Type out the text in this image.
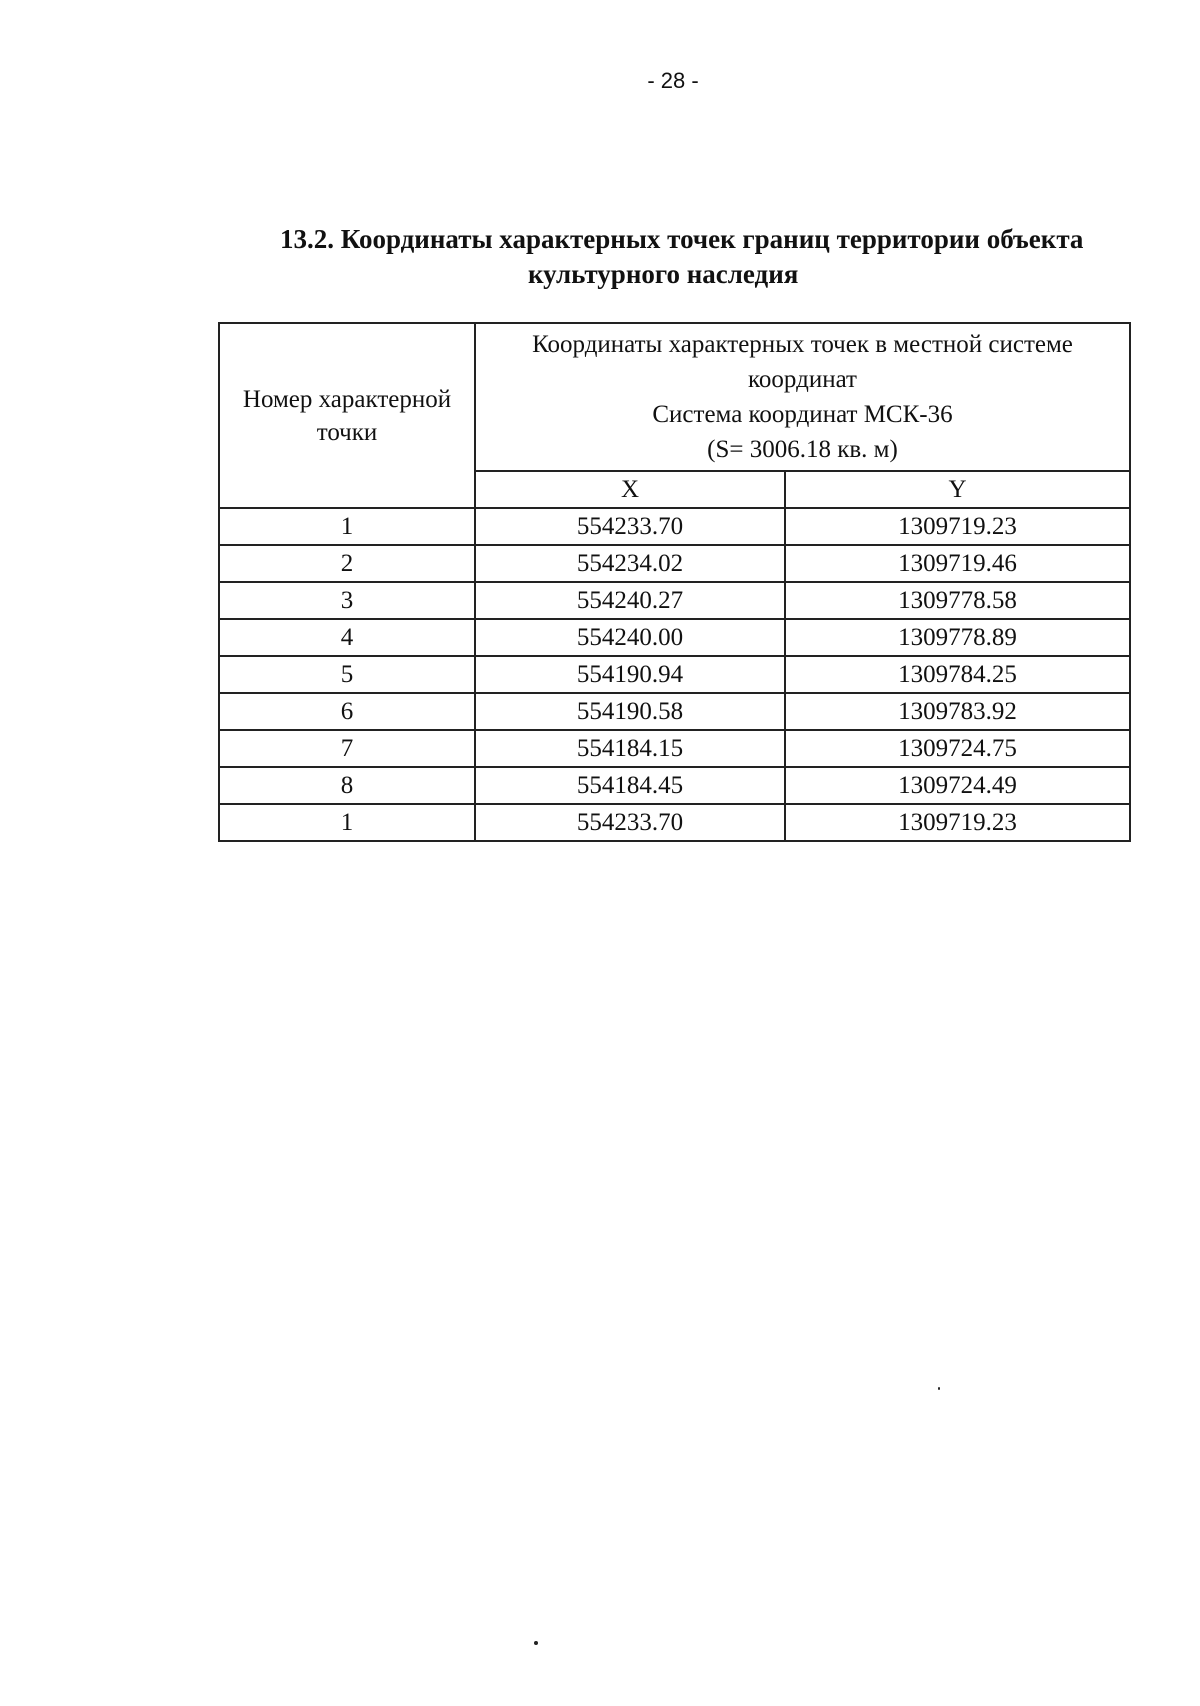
- 28 -
13.2. Координаты характерных точек границ территории объекта
культурного наследия
Номер характерной точки	Координаты характерных точек в местной системе координат
Система координат МСК-36
(S= 3006.18 кв. м)	

	X	Y
1	554233.70	1309719.23
2	554234.02	1309719.46
3	554240.27	1309778.58
4	554240.00	1309778.89
5	554190.94	1309784.25
6	554190.58	1309783.92
7	554184.15	1309724.75
8	554184.45	1309724.49
1	554233.70	1309719.23
